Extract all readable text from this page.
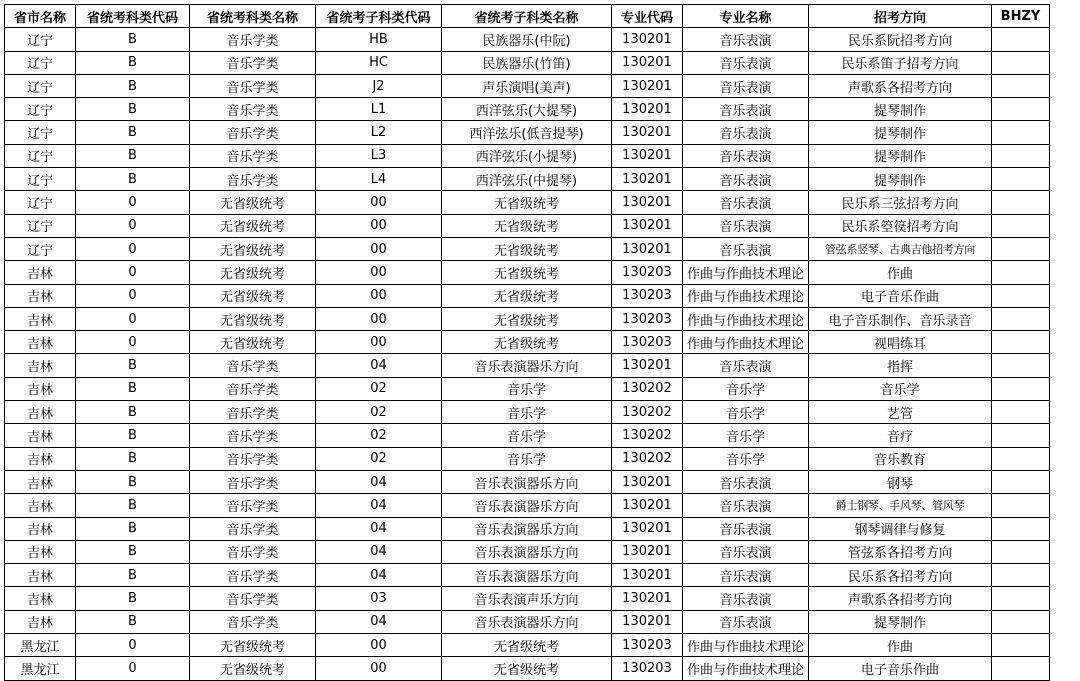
省市名称	省统考科类代码	省统考科类名称	省统考子科类代码	省统考子科类名称	专业代码	专业名称	招考方向	BHZY
辽宁	B	音乐学类	HB	民族器乐(中阮)	130201	音乐表演	民乐系阮招考方向	
辽宁	B	音乐学类	HC	民族器乐(竹笛)	130201	音乐表演	民乐系笛子招考方向	
辽宁	B	音乐学类	J2	声乐演唱(美声)	130201	音乐表演	声歌系各招考方向	
辽宁	B	音乐学类	L1	西洋弦乐(大提琴)	130201	音乐表演	提琴制作	
辽宁	B	音乐学类	L2	西洋弦乐(低音提琴)	130201	音乐表演	提琴制作	
辽宁	B	音乐学类	L3	西洋弦乐(小提琴)	130201	音乐表演	提琴制作	
辽宁	B	音乐学类	L4	西洋弦乐(中提琴)	130201	音乐表演	提琴制作	
辽宁	0	无省级统考	00	无省级统考	130201	音乐表演	民乐系三弦招考方向	
辽宁	0	无省级统考	00	无省级统考	130201	音乐表演	民乐系箜篌招考方向	
辽宁	0	无省级统考	00	无省级统考	130201	音乐表演	管弦系竖琴、古典吉他招考方向	
吉林	0	无省级统考	00	无省级统考	130203	作曲与作曲技术理论	作曲	
吉林	0	无省级统考	00	无省级统考	130203	作曲与作曲技术理论	电子音乐作曲	
吉林	0	无省级统考	00	无省级统考	130203	作曲与作曲技术理论	电子音乐制作、音乐录音	
吉林	0	无省级统考	00	无省级统考	130203	作曲与作曲技术理论	视唱练耳	
吉林	B	音乐学类	04	音乐表演器乐方向	130201	音乐表演	指挥	
吉林	B	音乐学类	02	音乐学	130202	音乐学	音乐学	
吉林	B	音乐学类	02	音乐学	130202	音乐学	艺管	
吉林	B	音乐学类	02	音乐学	130202	音乐学	音疗	
吉林	B	音乐学类	02	音乐学	130202	音乐学	音乐教育	
吉林	B	音乐学类	04	音乐表演器乐方向	130201	音乐表演	钢琴	
吉林	B	音乐学类	04	音乐表演器乐方向	130201	音乐表演	爵士钢琴、手风琴、管风琴	
吉林	B	音乐学类	04	音乐表演器乐方向	130201	音乐表演	钢琴调律与修复	
吉林	B	音乐学类	04	音乐表演器乐方向	130201	音乐表演	管弦系各招考方向	
吉林	B	音乐学类	04	音乐表演器乐方向	130201	音乐表演	民乐系各招考方向	
吉林	B	音乐学类	03	音乐表演声乐方向	130201	音乐表演	声歌系各招考方向	
吉林	B	音乐学类	04	音乐表演器乐方向	130201	音乐表演	提琴制作	
黑龙江	0	无省级统考	00	无省级统考	130203	作曲与作曲技术理论	作曲	
黑龙江	0	无省级统考	00	无省级统考	130203	作曲与作曲技术理论	电子音乐作曲	
